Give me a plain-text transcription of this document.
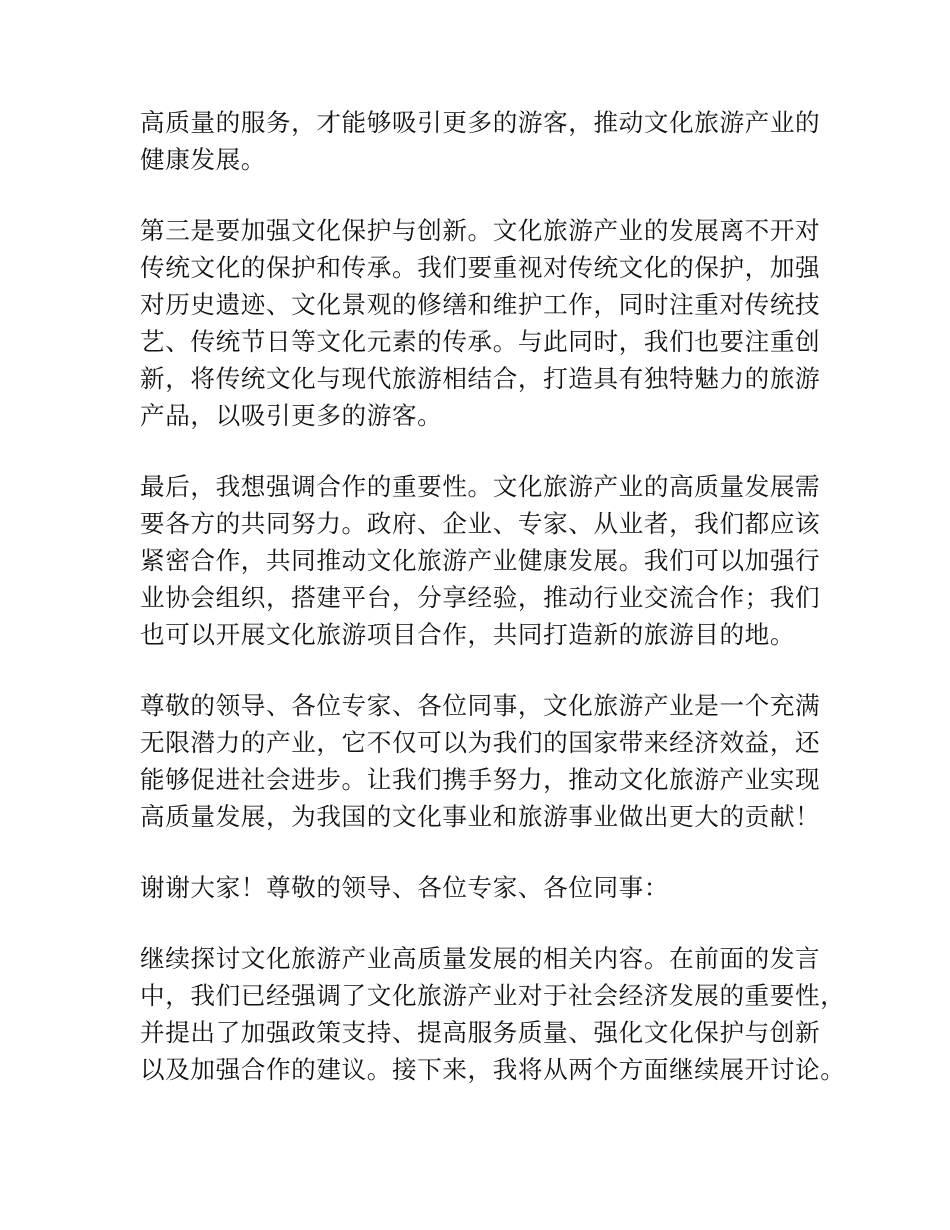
高质量的服务，才能够吸引更多的游客，推动文化旅游产业的
健康发展。

第三是要加强文化保护与创新。文化旅游产业的发展离不开对
传统文化的保护和传承。我们要重视对传统文化的保护，加强
对历史遗迹、文化景观的修缮和维护工作，同时注重对传统技
艺、传统节日等文化元素的传承。与此同时，我们也要注重创
新，将传统文化与现代旅游相结合，打造具有独特魅力的旅游
产品，以吸引更多的游客。

最后，我想强调合作的重要性。文化旅游产业的高质量发展需
要各方的共同努力。政府、企业、专家、从业者，我们都应该
紧密合作，共同推动文化旅游产业健康发展。我们可以加强行
业协会组织，搭建平台，分享经验，推动行业交流合作；我们
也可以开展文化旅游项目合作，共同打造新的旅游目的地。

尊敬的领导、各位专家、各位同事，文化旅游产业是一个充满
无限潜力的产业，它不仅可以为我们的国家带来经济效益，还
能够促进社会进步。让我们携手努力，推动文化旅游产业实现
高质量发展，为我国的文化事业和旅游事业做出更大的贡献！

谢谢大家！尊敬的领导、各位专家、各位同事：

继续探讨文化旅游产业高质量发展的相关内容。在前面的发言
中，我们已经强调了文化旅游产业对于社会经济发展的重要性，
并提出了加强政策支持、提高服务质量、强化文化保护与创新
以及加强合作的建议。接下来，我将从两个方面继续展开讨论。
